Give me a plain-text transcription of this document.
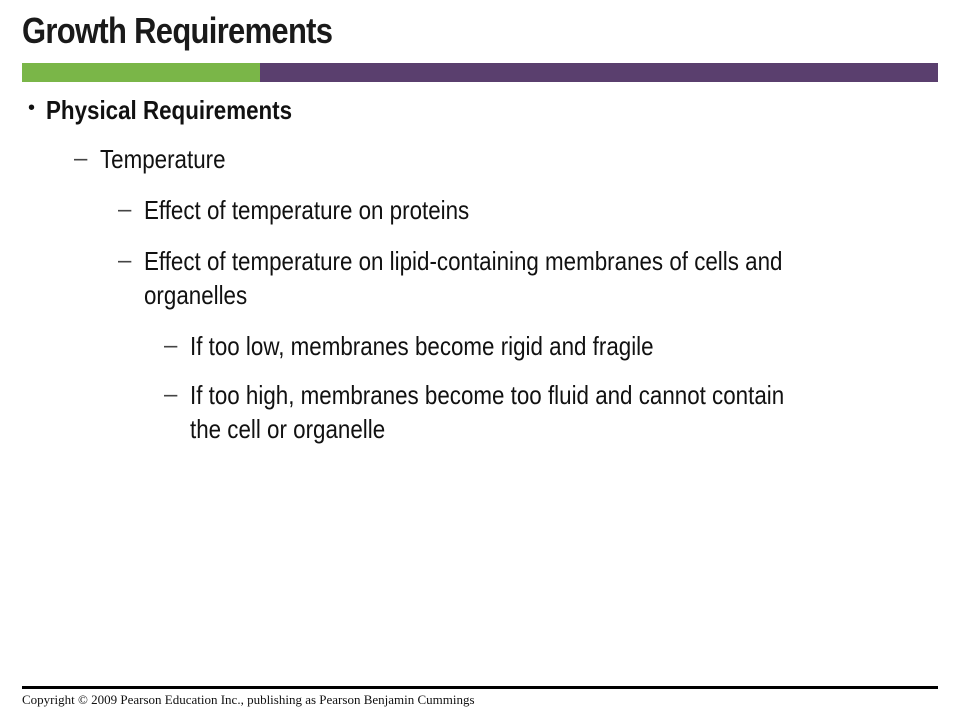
Growth Requirements
• Physical Requirements
– Temperature
– Effect of temperature on proteins
– Effect of temperature on lipid-containing membranes of cells and
organelles
– If too low, membranes become rigid and fragile
– If too high, membranes become too fluid and cannot contain
the cell or organelle
Copyright © 2009 Pearson Education Inc., publishing as Pearson Benjamin Cummings
